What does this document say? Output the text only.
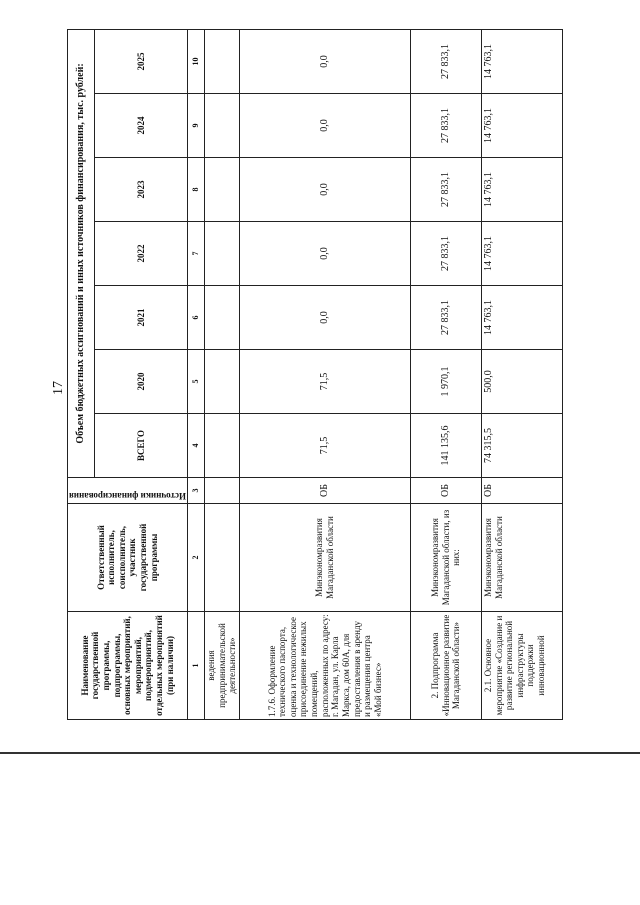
17
Наименование государственной программы, подпрограммы, основных мероприятий, мероприятий, подмероприятий, отдельных мероприятий (при наличии)	Ответственный исполнитель, соисполнитель, участник государственной программы	Источники финансирования	Объем бюджетных ассигнований и иных источников финансирования, тыс. рублей:						
			ВСЕГО	2020	2021	2022	2023	2024	2025
1	2	3	4	5	6	7	8	9	10
ведения предпринимательской деятельности»									
1.7.6. Оформление технического паспорта, оценка и технологическое присоединение нежилых помещений, расположенных по адресу: г. Магадан, ул. Карла Маркса, дом 60А, для предоставления в аренду и размещения центра «Мой бизнес»	Минэкономразвития Магаданской области	ОБ	71,5	71,5	0,0	0,0	0,0	0,0	0,0
2. Подпрограмма «Инновационное развитие Магаданской области»	Минэкономразвития Магаданской области, из них:	ОБ	141 135,6	1 970,1	27 833,1	27 833,1	27 833,1	27 833,1	27 833,1
2.1. Основное мероприятие «Создание и развитие региональной инфраструктуры поддержки инновационной	Минэкономразвития Магаданской области	ОБ	74 315,5	500,0	14 763,1	14 763,1	14 763,1	14 763,1	14 763,1
